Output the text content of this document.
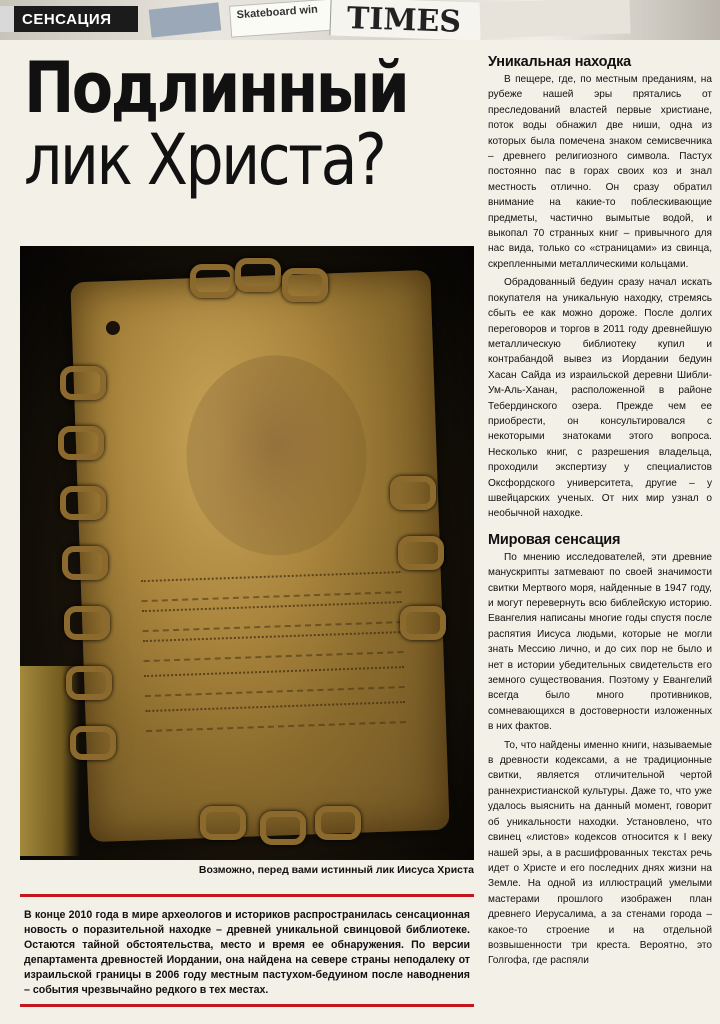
Skateboard win TIMES
СЕНСАЦИЯ
Подлинный
лик Христа?
Возможно, перед вами истинный лик Иисуса Христа

В конце 2010 года в мире археологов и историков распространилась сенсационная новость о поразительной находке – древней уникальной свинцовой библиотеке. Остаются тайной обстоятельства, место и время ее обнаружения. По версии департамента древностей Иордании, она найдена на севере страны неподалеку от израильской границы в 2006 году местным пастухом-бедуином после наводнения – события чрезвычайно редкого в тех местах.

Уникальная находка

В пещере, где, по местным преданиям, на рубеже нашей эры прятались от преследований властей первые христиане, поток воды обнажил две ниши, одна из которых была помечена знаком семисвечника – древнего религиозного символа. Пастух постоянно пас в горах своих коз и знал местность отлично. Он сразу обратил внимание на какие-то поблескивающие предметы, частично вымытые водой, и выкопал 70 странных книг – привычного для нас вида, только со «страницами» из свинца, скрепленными металлическими кольцами.

Обрадованный бедуин сразу начал искать покупателя на уникальную находку, стремясь сбыть ее как можно дороже. После долгих переговоров и торгов в 2011 году древнейшую металлическую библиотеку купил и контрабандой вывез из Иордании бедуин Хасан Сайда из израильской деревни Шибли-Ум-Аль-Ханан, расположенной в районе Тебердинского озера. Прежде чем ее приобрести, он консультировался с некоторыми знатоками этого вопроса. Несколько книг, с разрешения владельца, проходили экспертизу у специалистов Оксфордского университета, другие – у швейцарских ученых. От них мир узнал о необычной находке.

Мировая сенсация

По мнению исследователей, эти древние манускрипты затмевают по своей значимости свитки Мертвого моря, найденные в 1947 году, и могут перевернуть всю библейскую историю. Евангелия написаны многие годы спустя после распятия Иисуса людьми, которые не могли знать Мессию лично, и до сих пор не было и нет в истории убедительных свидетельств его земного существования. Поэтому у Евангелий всегда было много противников, сомневающихся в достоверности изложенных в них фактов.

То, что найдены именно книги, называемые в древности кодексами, а не традиционные свитки, является отличительной чертой раннехристианской культуры. Даже то, что уже удалось выяснить на данный момент, говорит об уникальности находки. Установлено, что свинец «листов» кодексов относится к I веку нашей эры, а в расшифрованных текстах речь идет о Христе и его последних днях жизни на Земле. На одной из иллюстраций умелыми мастерами прошлого изображен план древнего Иерусалима, а за стенами города – какое-то строение и на отдельной возвышенности три креста. Вероятно, это Голгофа, где распяли
